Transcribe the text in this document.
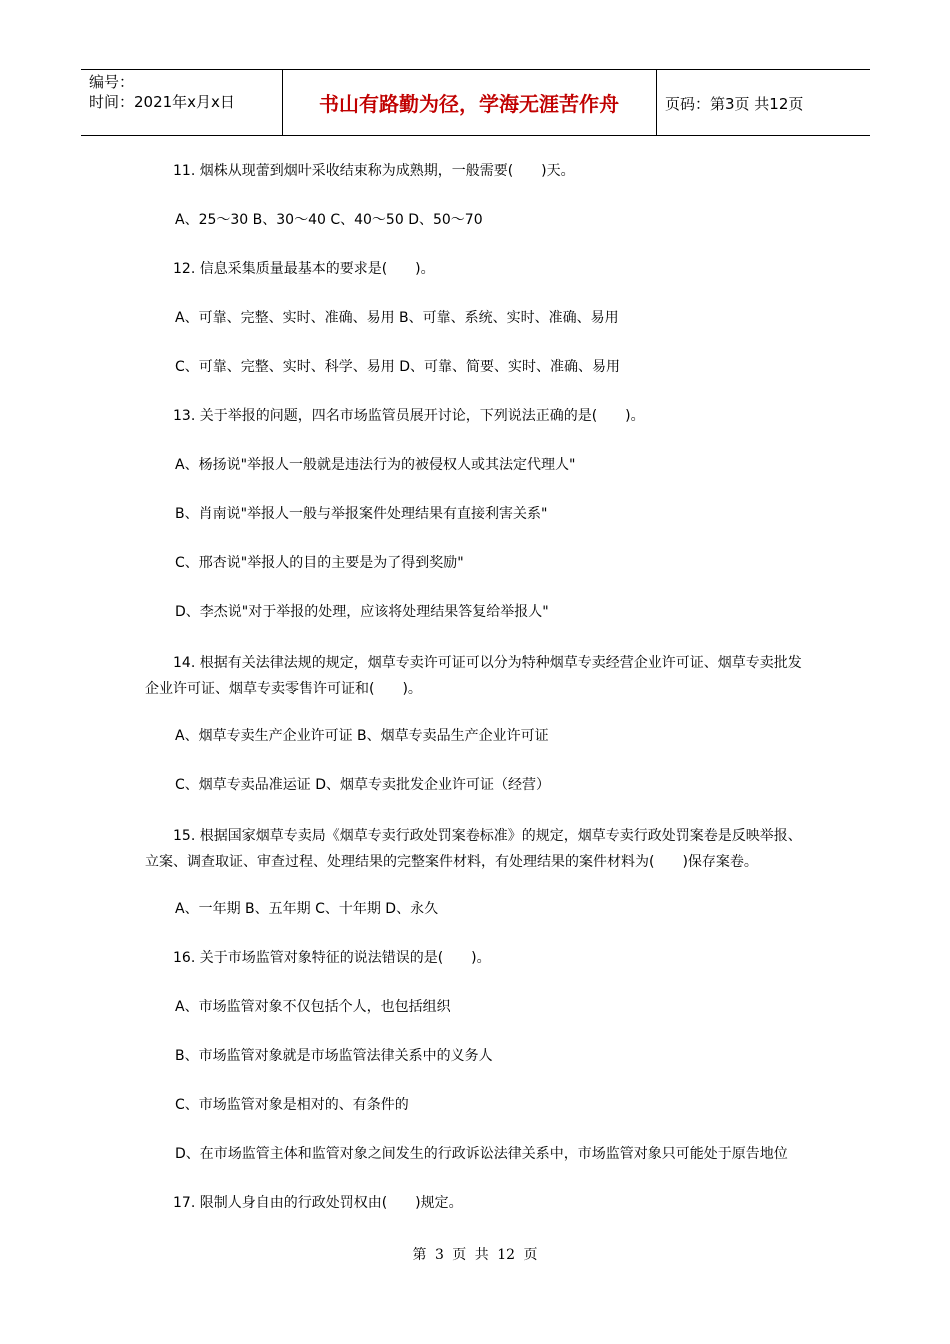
编号：
时间：2021年x月x日	书山有路勤为径，学海无涯苦作舟	页码：第3页 共12页

11. 烟株从现蕾到烟叶采收结束称为成熟期，一般需要(　　)天。

A、25～30 B、30～40 C、40～50 D、50～70

12. 信息采集质量最基本的要求是(　　)。

A、可靠、完整、实时、准确、易用 B、可靠、系统、实时、准确、易用

C、可靠、完整、实时、科学、易用 D、可靠、简要、实时、准确、易用

13. 关于举报的问题，四名市场监管员展开讨论，下列说法正确的是(　　)。

A、杨扬说"举报人一般就是违法行为的被侵权人或其法定代理人"

B、肖南说"举报人一般与举报案件处理结果有直接利害关系"

C、邢杏说"举报人的目的主要是为了得到奖励"

D、李杰说"对于举报的处理，应该将处理结果答复给举报人"

14. 根据有关法律法规的规定，烟草专卖许可证可以分为特种烟草专卖经营企业许可证、烟草专卖批发企业许可证、烟草专卖零售许可证和(　　)。

A、烟草专卖生产企业许可证 B、烟草专卖品生产企业许可证

C、烟草专卖品准运证 D、烟草专卖批发企业许可证（经营）

15. 根据国家烟草专卖局《烟草专卖行政处罚案卷标准》的规定，烟草专卖行政处罚案卷是反映举报、立案、调查取证、审查过程、处理结果的完整案件材料，有处理结果的案件材料为(　　)保存案卷。

A、一年期 B、五年期 C、十年期 D、永久

16. 关于市场监管对象特征的说法错误的是(　　)。

A、市场监管对象不仅包括个人，也包括组织

B、市场监管对象就是市场监管法律关系中的义务人

C、市场监管对象是相对的、有条件的

D、在市场监管主体和监管对象之间发生的行政诉讼法律关系中，市场监管对象只可能处于原告地位

17. 限制人身自由的行政处罚权由(　　)规定。

第 3 页 共 12 页
